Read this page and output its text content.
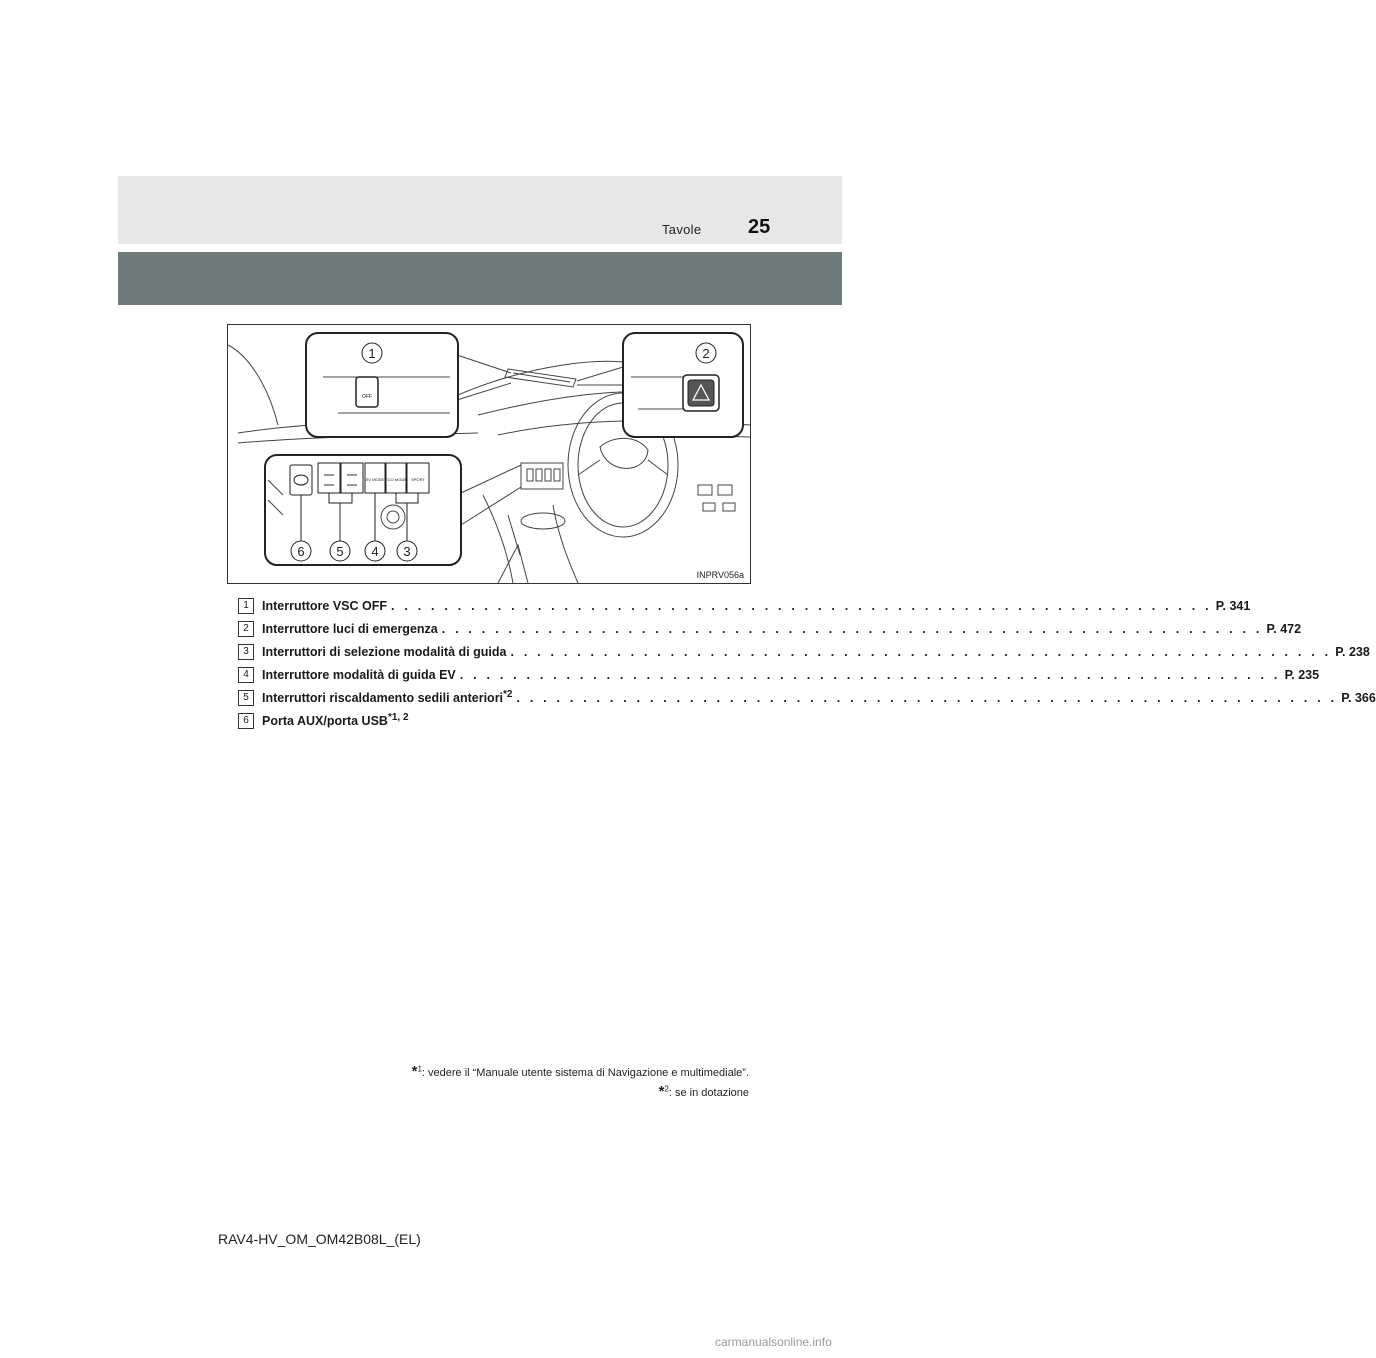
Tavole 25
OFF
1	2
EV MODE ECO MODE SPORT
6 5 4 3
INPRV056a
1	Interruttore VSC OFF . . . . . . . . . . . . . . . . . . . . . . . . . . . . . . . . . . . . . . . . . . . . . . . . . . . . . . . . . . . . . . P. 341
2	Interruttore luci di emergenza . . . . . . . . . . . . . . . . . . . . . . . . . . . . . . . . . . . . . . . . . . . . . . . . . . . . . . . . . . . . . . P. 472
3	Interruttori di selezione modalità di guida . . . . . . . . . . . . . . . . . . . . . . . . . . . . . . . . . . . . . . . . . . . . . . . . . . . . . . . . . . . . . . P. 238
4	Interruttore modalità di guida EV . . . . . . . . . . . . . . . . . . . . . . . . . . . . . . . . . . . . . . . . . . . . . . . . . . . . . . . . . . . . . . P. 235
5	Interruttori riscaldamento sedili anteriori$^{*2}$ . . . . . . . . . . . . . . . . . . . . . . . . . . . . . . . . . . . . . . . . . . . . . . . . . . . . . . . . . . . . . . P. 366
6	Porta AUX/porta USB$^{*1, 2}$
*$^1$: vedere il “Manuale utente sistema di Navigazione e multimediale”.
*$^2$: se in dotazione
RAV4-HV_OM_OM42B08L_(EL)
carmanualsonline.info
